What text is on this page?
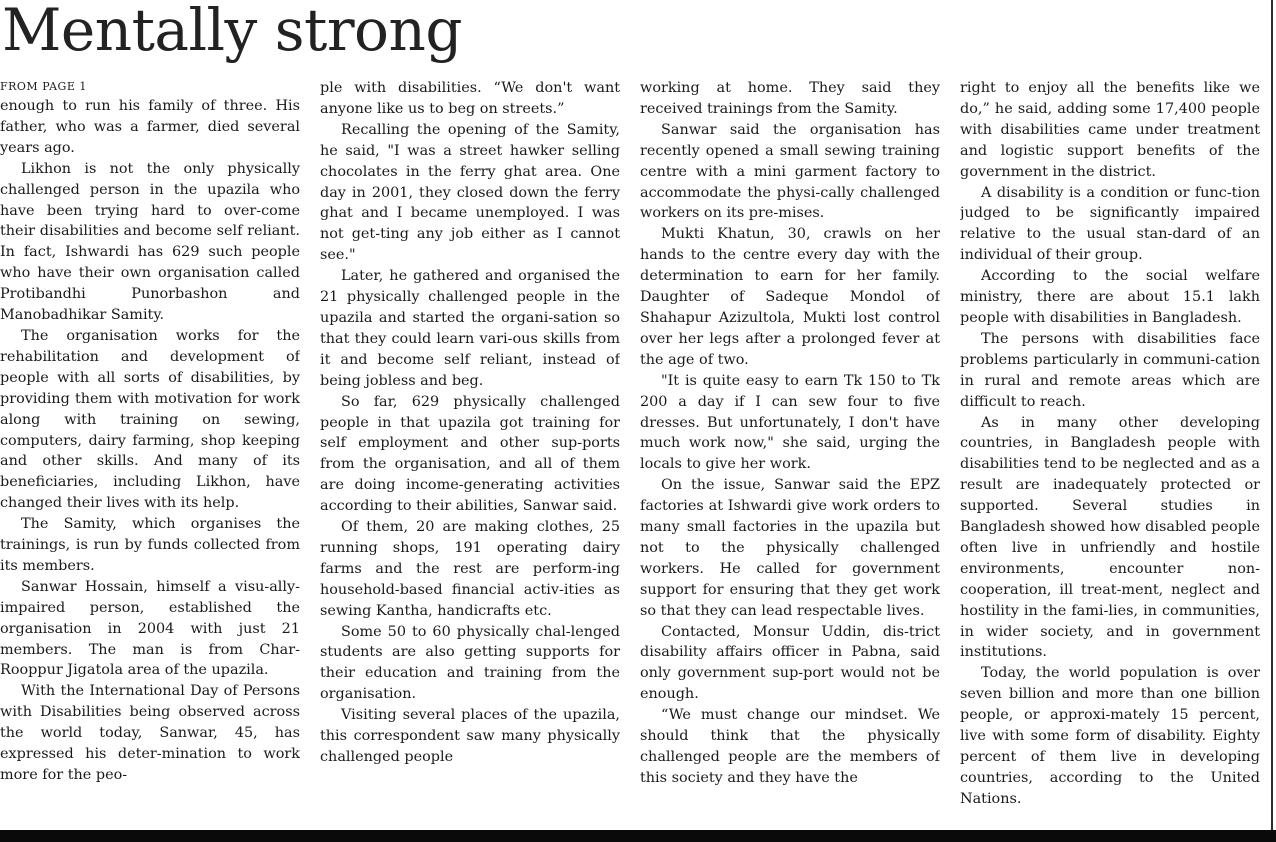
Mentally strong
FROM PAGE 1

enough to run his family of three. His father, who was a farmer, died several years ago.

Likhon is not the only physically challenged person in the upazila who have been trying hard to over-come their disabilities and become self reliant. In fact, Ishwardi has 629 such people who have their own organisation called Protibandhi Punorbashon and Manobadhikar Samity.

The organisation works for the rehabilitation and development of people with all sorts of disabilities, by providing them with motivation for work along with training on sewing, computers, dairy farming, shop keeping and other skills. And many of its beneficiaries, including Likhon, have changed their lives with its help.

The Samity, which organises the trainings, is run by funds collected from its members.

Sanwar Hossain, himself a visu-ally-impaired person, established the organisation in 2004 with just 21 members. The man is from Char-Rooppur Jigatola area of the upazila.

With the International Day of Persons with Disabilities being observed across the world today, Sanwar, 45, has expressed his deter-mination to work more for the peo-

ple with disabilities. “We don't want anyone like us to beg on streets.”

Recalling the opening of the Samity, he said, "I was a street hawker selling chocolates in the ferry ghat area. One day in 2001, they closed down the ferry ghat and I became unemployed. I was not get-ting any job either as I cannot see."

Later, he gathered and organised the 21 physically challenged people in the upazila and started the organi-sation so that they could learn vari-ous skills from it and become self reliant, instead of being jobless and beg.

So far, 629 physically challenged people in that upazila got training for self employment and other sup-ports from the organisation, and all of them are doing income-generating activities according to their abilities, Sanwar said.

Of them, 20 are making clothes, 25 running shops, 191 operating dairy farms and the rest are perform-ing household-based financial activ-ities as sewing Kantha, handicrafts etc.

Some 50 to 60 physically chal-lenged students are also getting supports for their education and training from the organisation.

Visiting several places of the upazila, this correspondent saw many physically challenged people

working at home. They said they received trainings from the Samity.

Sanwar said the organisation has recently opened a small sewing training centre with a mini garment factory to accommodate the physi-cally challenged workers on its pre-mises.

Mukti Khatun, 30, crawls on her hands to the centre every day with the determination to earn for her family. Daughter of Sadeque Mondol of Shahapur Azizultola, Mukti lost control over her legs after a prolonged fever at the age of two.

"It is quite easy to earn Tk 150 to Tk 200 a day if I can sew four to five dresses. But unfortunately, I don't have much work now," she said, urging the locals to give her work.

On the issue, Sanwar said the EPZ factories at Ishwardi give work orders to many small factories in the upazila but not to the physically challenged workers. He called for government support for ensuring that they get work so that they can lead respectable lives.

Contacted, Monsur Uddin, dis-trict disability affairs officer in Pabna, said only government sup-port would not be enough.

“We must change our mindset. We should think that the physically challenged people are the members of this society and they have the

right to enjoy all the benefits like we do,” he said, adding some 17,400 people with disabilities came under treatment and logistic support benefits of the government in the district.

A disability is a condition or func-tion judged to be significantly impaired relative to the usual stan-dard of an individual of their group.

According to the social welfare ministry, there are about 15.1 lakh people with disabilities in Bangladesh.

The persons with disabilities face problems particularly in communi-cation in rural and remote areas which are difficult to reach.

As in many other developing countries, in Bangladesh people with disabilities tend to be neglected and as a result are inadequately protected or supported. Several studies in Bangladesh showed how disabled people often live in unfriendly and hostile environments, encounter non-cooperation, ill treat-ment, neglect and hostility in the fami-lies, in communities, in wider society, and in government institutions.

Today, the world population is over seven billion and more than one billion people, or approxi-mately 15 percent, live with some form of disability. Eighty percent of them live in developing countries, according to the United Nations.
